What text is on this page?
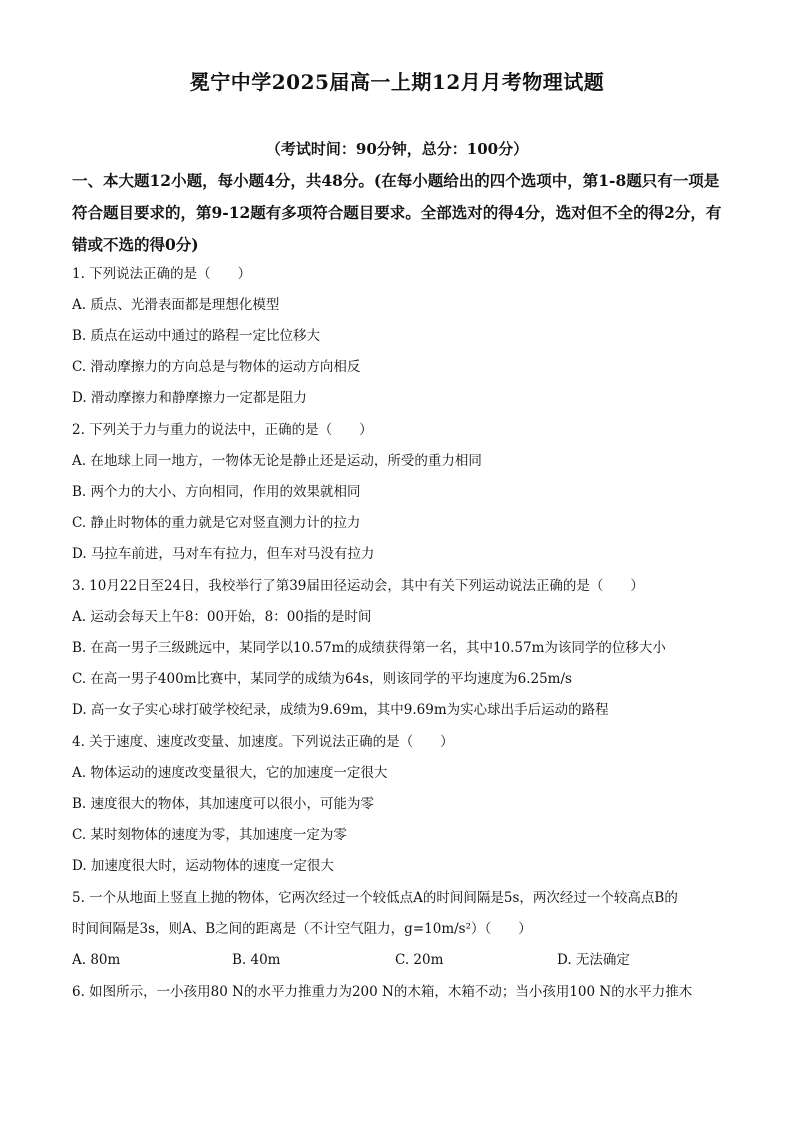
冕宁中学2025届高一上期12月月考物理试题
（考试时间：90分钟，总分：100分）
一、本大题12小题，每小题4分，共48分。(在每小题给出的四个选项中，第1-8题只有一项是符合题目要求的，第9-12题有多项符合题目要求。全部选对的得4分，选对但不全的得2分，有错或不选的得0分)
1. 下列说法正确的是（　　）
A. 质点、光滑表面都是理想化模型
B. 质点在运动中通过的路程一定比位移大
C. 滑动摩擦力的方向总是与物体的运动方向相反
D. 滑动摩擦力和静摩擦力一定都是阻力
2. 下列关于力与重力的说法中，正确的是（　　）
A. 在地球上同一地方，一物体无论是静止还是运动，所受的重力相同
B. 两个力的大小、方向相同，作用的效果就相同
C. 静止时物体的重力就是它对竖直测力计的拉力
D. 马拉车前进，马对车有拉力，但车对马没有拉力
3. 10月22日至24日，我校举行了第39届田径运动会，其中有关下列运动说法正确的是（　　）
A. 运动会每天上午8：00开始，8：00指的是时间
B. 在高一男子三级跳远中，某同学以10.57m的成绩获得第一名，其中10.57m为该同学的位移大小
C. 在高一男子400m比赛中，某同学的成绩为64s，则该同学的平均速度为6.25m/s
D. 高一女子实心球打破学校纪录，成绩为9.69m，其中9.69m为实心球出手后运动的路程
4. 关于速度、速度改变量、加速度。下列说法正确的是（　　）
A. 物体运动的速度改变量很大，它的加速度一定很大
B. 速度很大的物体，其加速度可以很小，可能为零
C. 某时刻物体的速度为零，其加速度一定为零
D. 加速度很大时，运动物体的速度一定很大
5. 一个从地面上竖直上抛的物体，它两次经过一个较低点A的时间间隔是5s，两次经过一个较高点B的
时间间隔是3s，则A、B之间的距离是（不计空气阻力，g=10m/s²）（　　）
A. 80m	B. 40m	C. 20m	D. 无法确定
6. 如图所示，一小孩用80 N的水平力推重力为200 N的木箱，木箱不动；当小孩用100 N的水平力推木
